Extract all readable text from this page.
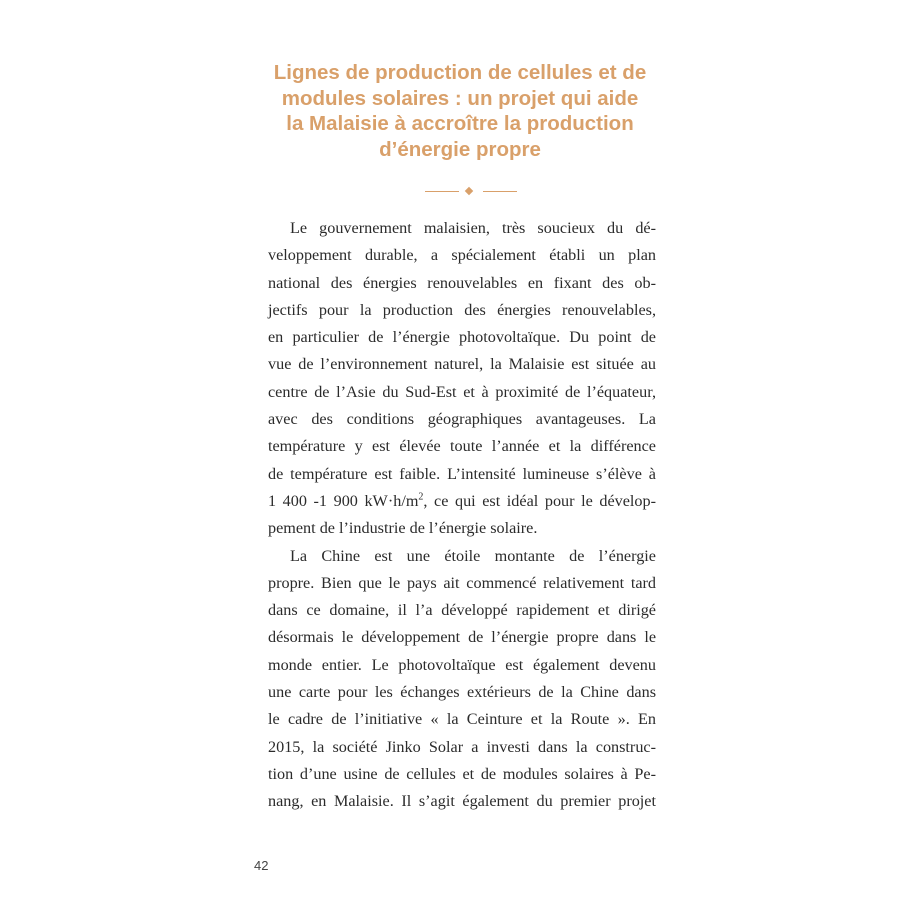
Lignes de production de cellules et de
modules solaires : un projet qui aide
la Malaisie à accroître la production
d’énergie propre
Le gouvernement malaisien, très soucieux du dé-
veloppement durable, a spécialement établi un plan
national des énergies renouvelables en fixant des ob-
jectifs pour la production des énergies renouvelables,
en particulier de l’énergie photovoltaïque. Du point de
vue de l’environnement naturel, la Malaisie est située au
centre de l’Asie du Sud-Est et à proximité de l’équateur,
avec des conditions géographiques avantageuses. La
température y est élevée toute l’année et la différence
de température est faible. L’intensité lumineuse s’élève à
1 400 -1 900 $kW\cdot h/m^2$, ce qui est idéal pour le dévelop-
pement de l’industrie de l’énergie solaire.
La Chine est une étoile montante de l’énergie
propre. Bien que le pays ait commencé relativement tard
dans ce domaine, il l’a développé rapidement et dirigé
désormais le développement de l’énergie propre dans le
monde entier. Le photovoltaïque est également devenu
une carte pour les échanges extérieurs de la Chine dans
le cadre de l’initiative « la Ceinture et la Route ». En
2015, la société Jinko Solar a investi dans la construc-
tion d’une usine de cellules et de modules solaires à Pe-
nang, en Malaisie. Il s’agit également du premier projet
42
